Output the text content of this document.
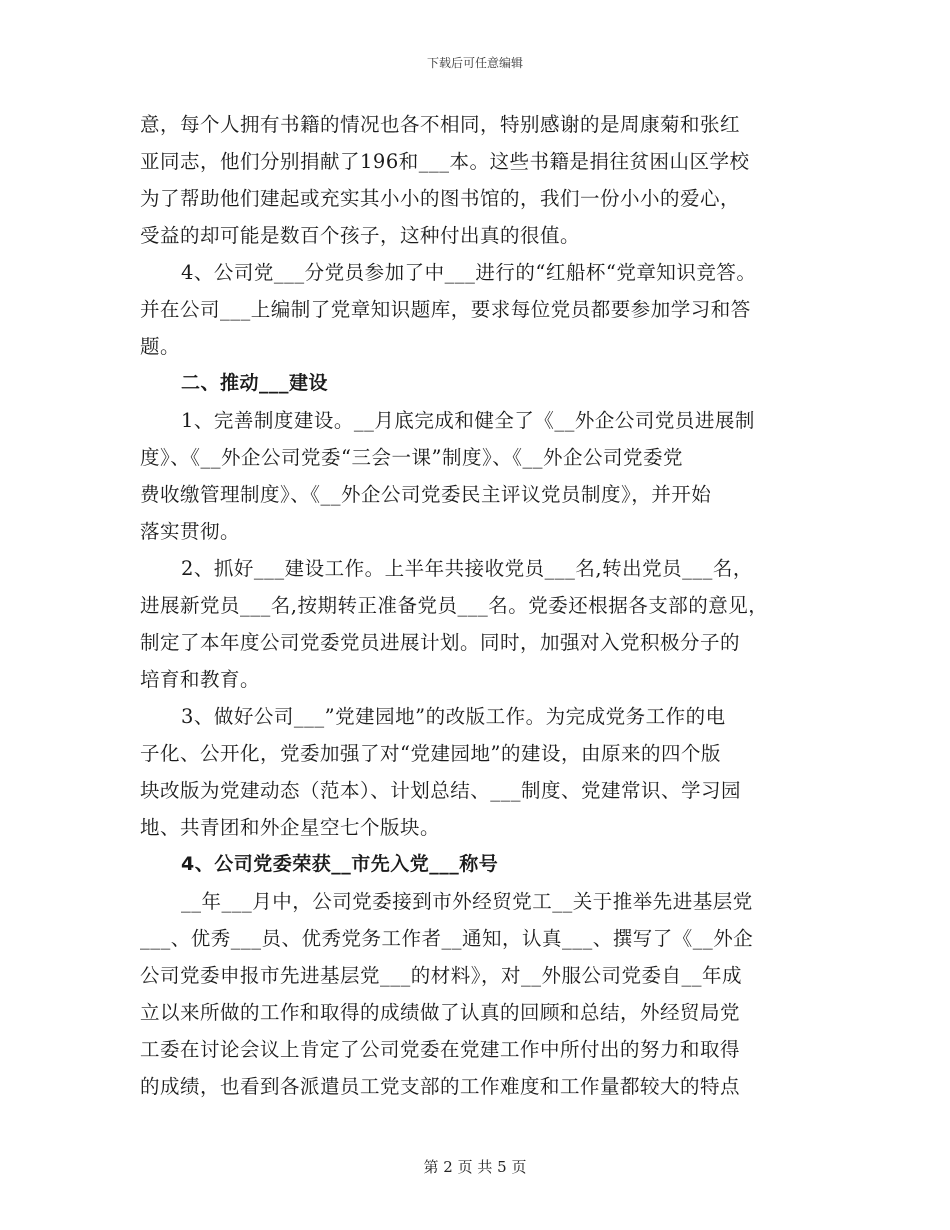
下载后可任意编辑
意，每个人拥有书籍的情况也各不相同，特别感谢的是周康菊和张红
亚同志，他们分别捐献了196和___本。这些书籍是捐往贫困山区学校
为了帮助他们建起或充实其小小的图书馆的，我们一份小小的爱心，
受益的却可能是数百个孩子，这种付出真的很值。
4、公司党___分党员参加了中___进行的“红船杯“党章知识竞答。
并在公司___上编制了党章知识题库，要求每位党员都要参加学习和答
题。
二、推动___建设
1、完善制度建设。__月底完成和健全了《__外企公司党员进展制
度》、《__外企公司党委“三会一课”制度》、《__外企公司党委党
费收缴管理制度》、《__外企公司党委民主评议党员制度》，并开始
落实贯彻。
2、抓好___建设工作。上半年共接收党员___名,转出党员___名，
进展新党员___名,按期转正准备党员___名。党委还根据各支部的意见，
制定了本年度公司党委党员进展计划。同时，加强对入党积极分子的
培育和教育。
3、做好公司___”党建园地”的改版工作。为完成党务工作的电
子化、公开化，党委加强了对“党建园地”的建设，由原来的四个版
块改版为党建动态（范本）、计划总结、___制度、党建常识、学习园
地、共青团和外企星空七个版块。
4、公司党委荣获__市先入党___称号
__年___月中，公司党委接到市外经贸党工__关于推举先进基层党
___、优秀___员、优秀党务工作者__通知，认真___、撰写了《__外企
公司党委申报市先进基层党___的材料》，对__外服公司党委自__年成
立以来所做的工作和取得的成绩做了认真的回顾和总结，外经贸局党
工委在讨论会议上肯定了公司党委在党建工作中所付出的努力和取得
的成绩，也看到各派遣员工党支部的工作难度和工作量都较大的特点
第 2 页 共 5 页
